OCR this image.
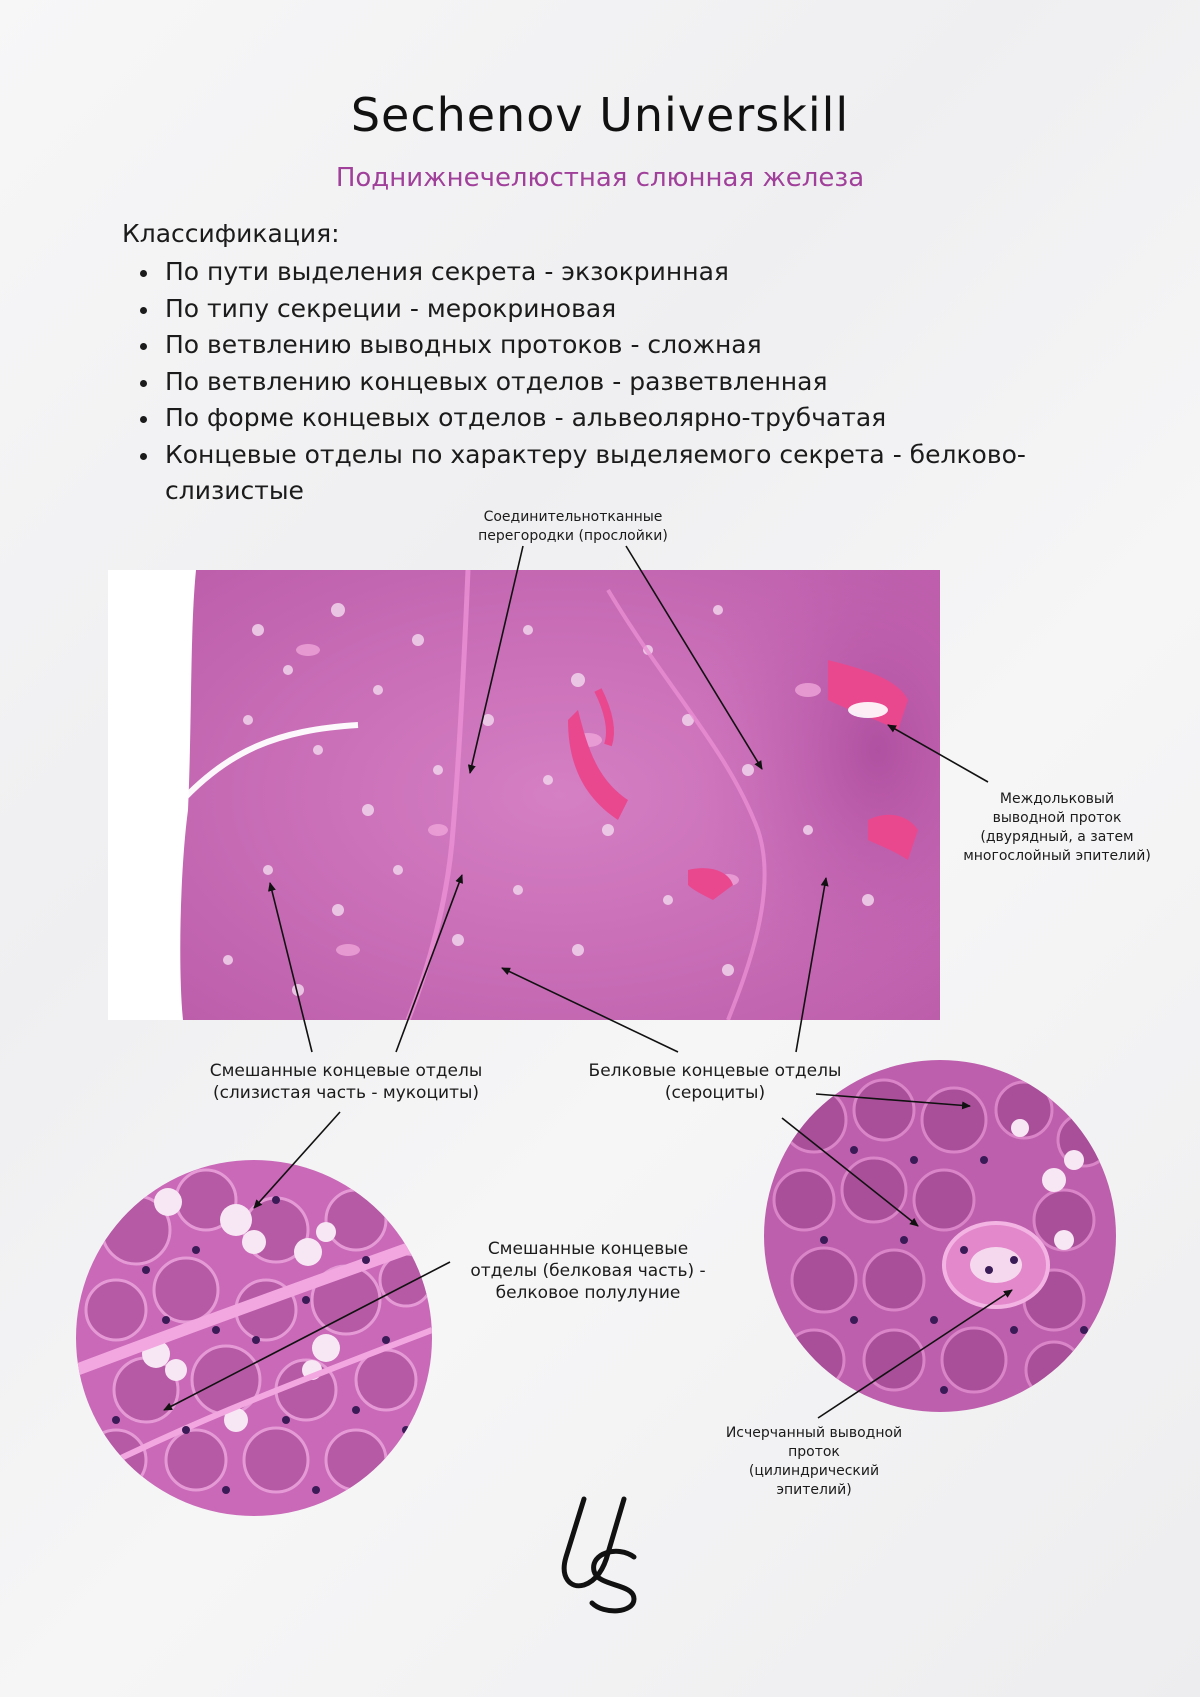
Sechenov Universkill
Поднижнечелюстная слюнная железа
Классификация:
По пути выделения секрета - экзокринная
По типу секреции - мерокриновая
По ветвлению выводных протоков - сложная
По ветвлению концевых отделов - разветвленная
По форме концевых отделов - альвеолярно-трубчатая
Концевые отделы по характеру выделяемого секрета - белково-слизистые
Соединительнотканные перегородки (прослойки)
Междольковый выводной проток (двурядный, а затем многослойный эпителий)
Смешанные концевые отделы (слизистая часть - мукоциты)
Белковые концевые отделы (сероциты)
Смешанные концевые отделы (белковая часть) - белковое полулуние
Исчерчанный выводной проток (цилиндрический эпителий)
